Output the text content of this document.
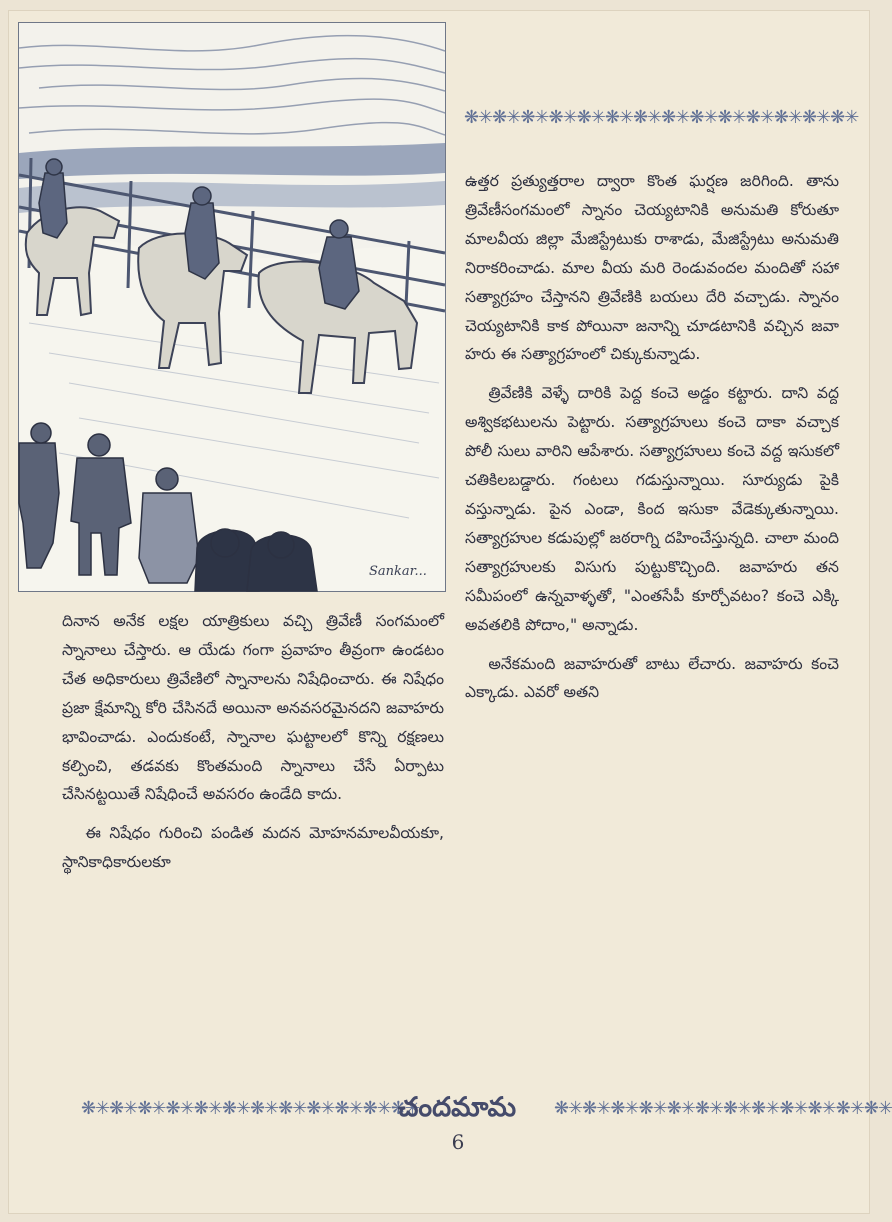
Sankar...
❋✳❋✳❋✳❋✳❋✳❋✳❋✳❋✳❋✳❋✳❋✳❋✳❋✳❋✳

ఉత్తర ప్రత్యుత్తరాల ద్వారా కొంత ఘర్షణ జరిగింది. తాను త్రివేణీసంగమంలో స్నానం చెయ్యటానికి అనుమతి కోరుతూ మాలవీయ జిల్లా మేజిస్ట్రేటుకు రాశాడు, మేజిస్ట్రేటు అనుమతి నిరాకరించాడు. మాల వీయ మరి రెండువందల మందితో సహా సత్యాగ్రహం చేస్తానని త్రివేణికి బయలు దేరి వచ్చాడు. స్నానం చెయ్యటానికి కాక పోయినా జనాన్ని చూడటానికి వచ్చిన జవా హరు ఈ సత్యాగ్రహంలో చిక్కుకున్నాడు.

త్రివేణికి వెళ్ళే దారికి పెద్ద కంచె అడ్డం కట్టారు. దాని వద్ద అశ్వికభటులను పెట్టారు. సత్యాగ్రహులు కంచె దాకా వచ్చాక పోలీ సులు వారిని ఆపేశారు. సత్యాగ్రహులు కంచె వద్ద ఇసుకలో చతికిలబడ్డారు. గంటలు గడుస్తున్నాయి. సూర్యుడు పైకి వస్తున్నాడు. పైన ఎండా, కింద ఇసుకా వేడెక్కుతున్నాయి. సత్యాగ్రహుల కడుపుల్లో జఠరాగ్ని దహించేస్తున్నది. చాలా మంది సత్యాగ్రహులకు విసుగు పుట్టుకొచ్చింది. జవాహరు తన సమీపంలో ఉన్నవాళ్ళతో, "ఎంతసేపీ కూర్చోవటం? కంచె ఎక్కి అవతలికి పోదాం," అన్నాడు.

అనేకమంది జవాహరుతో బాటు లేచారు. జవాహరు కంచె ఎక్కాడు. ఎవరో అతని

దినాన అనేక లక్షల యాత్రికులు వచ్చి త్రివేణీ సంగమంలో స్నానాలు చేస్తారు. ఆ యేడు గంగా ప్రవాహం తీవ్రంగా ఉండటం చేత అధికారులు త్రివేణిలో స్నానాలను నిషేధించారు. ఈ నిషేధం ప్రజా క్షేమాన్ని కోరి చేసినదే అయినా అనవసరమైనదని జవాహరు భావించాడు. ఎందుకంటే, స్నానాల ఘట్టాలలో కొన్ని రక్షణలు కల్పించి, తడవకు కొంతమంది స్నానాలు చేసే ఏర్పాటు చేసినట్టయితే నిషేధించే అవసరం ఉండేది కాదు.

ఈ నిషేధం గురించి పండిత మదన మోహనమాలవీయకూ, స్థానికాధికారులకూ

❋✳❋✳❋✳❋✳❋✳❋✳❋✳❋✳❋✳❋✳❋✳❋✳
చందమామ	❋✳❋✳❋✳❋✳❋✳❋✳❋✳❋✳❋✳❋✳❋✳❋✳
6
